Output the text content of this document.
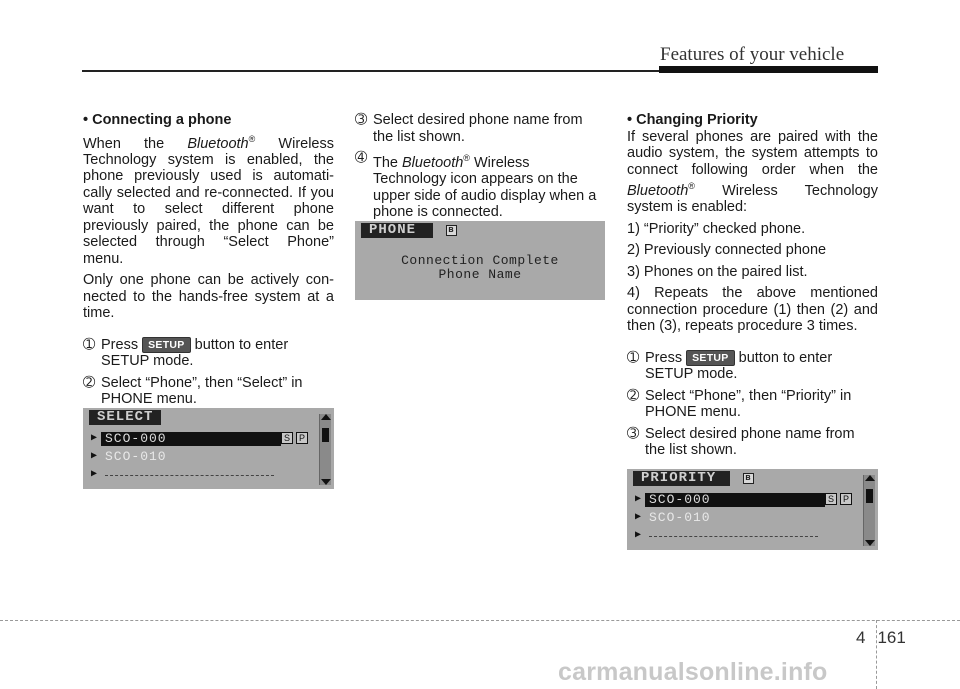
Features of your vehicle

• Connecting a phone

When the Bluetooth® Wireless Technology system is enabled, the phone previously used is automati-cally selected and re-connected. If you want to select different phone previously paired, the phone can be selected through “Select Phone” menu.

Only one phone can be actively con-nected to the hands-free system at a time.

➀ Press SETUP button to enter SETUP mode.
➁ Select “Phone”, then “Select” in PHONE menu.
SELECT
▶ SCO-000	S P
▶ SCO-010
▶
➂ Select desired phone name from the list shown.
➃ The Bluetooth® Wireless Technology icon appears on the upper side of audio display when a phone is connected.
PHONE	ʙ
Connection Complete
Phone Name

• Changing Priority

If several phones are paired with the audio system, the system attempts to connect following order when the Bluetooth® Wireless Technology system is enabled:

1) “Priority” checked phone.

2) Previously connected phone

3) Phones on the paired list.

4) Repeats the above mentioned connection procedure (1) then (2) and then (3), repeats procedure 3 times.

➀ Press SETUP button to enter SETUP mode.
➁ Select “Phone”, then “Priority” in PHONE menu.
➂ Select desired phone name from the list shown.
PRIORITY	ʙ
▶ SCO-000	S P
▶ SCO-010
▶
4 161
carmanualsonline.info
